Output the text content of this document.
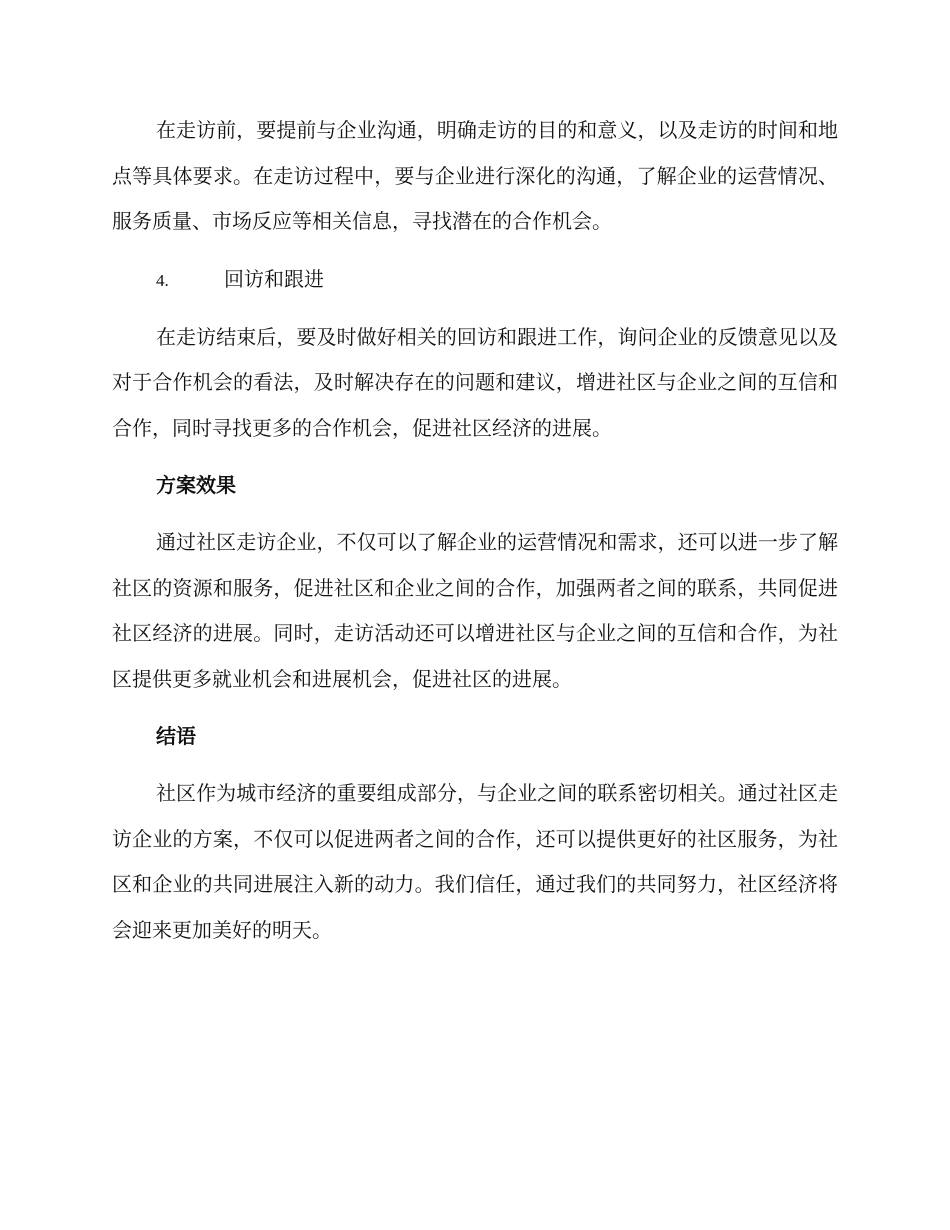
在走访前，要提前与企业沟通，明确走访的目的和意义，以及走访的时间和地点等具体要求。在走访过程中，要与企业进行深化的沟通，了解企业的运营情况、服务质量、市场反应等相关信息，寻找潜在的合作机会。

4.	回访和跟进

在走访结束后，要及时做好相关的回访和跟进工作，询问企业的反馈意见以及对于合作机会的看法，及时解决存在的问题和建议，增进社区与企业之间的互信和合作，同时寻找更多的合作机会，促进社区经济的进展。

方案效果

通过社区走访企业，不仅可以了解企业的运营情况和需求，还可以进一步了解社区的资源和服务，促进社区和企业之间的合作，加强两者之间的联系，共同促进社区经济的进展。同时，走访活动还可以增进社区与企业之间的互信和合作，为社区提供更多就业机会和进展机会，促进社区的进展。

结语

社区作为城市经济的重要组成部分，与企业之间的联系密切相关。通过社区走访企业的方案，不仅可以促进两者之间的合作，还可以提供更好的社区服务，为社区和企业的共同进展注入新的动力。我们信任，通过我们的共同努力，社区经济将会迎来更加美好的明天。
